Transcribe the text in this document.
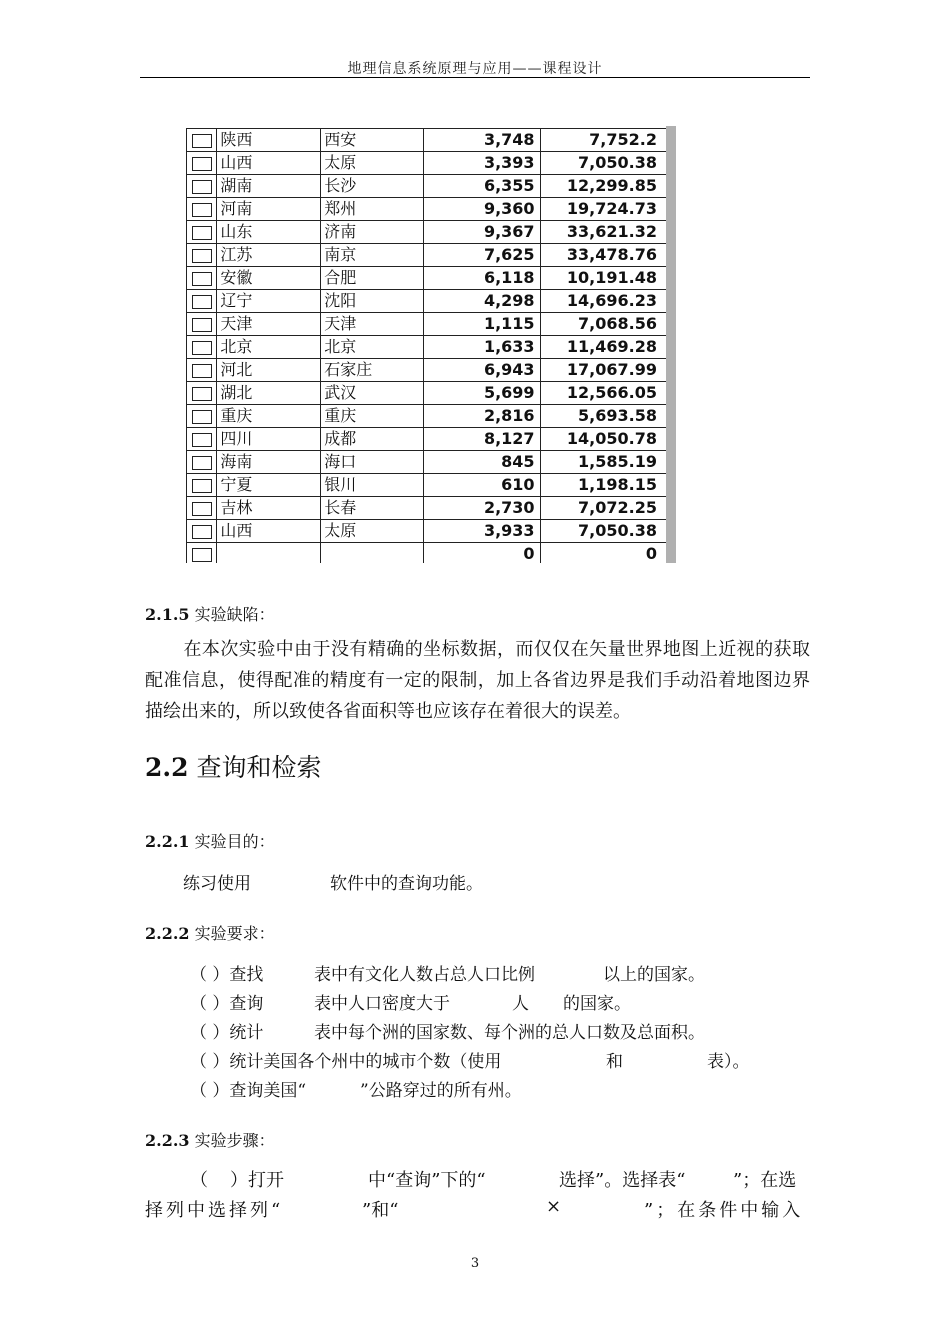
地理信息系统原理与应用——课程设计
	陕西	西安	3,748	7,752.2
	山西	太原	3,393	7,050.38
	湖南	长沙	6,355	12,299.85
	河南	郑州	9,360	19,724.73
	山东	济南	9,367	33,621.32
	江苏	南京	7,625	33,478.76
	安徽	合肥	6,118	10,191.48
	辽宁	沈阳	4,298	14,696.23
	天津	天津	1,115	7,068.56
	北京	北京	1,633	11,469.28
	河北	石家庄	6,943	17,067.99
	湖北	武汉	5,699	12,566.05
	重庆	重庆	2,816	5,693.58
	四川	成都	8,127	14,050.78
	海南	海口	845	1,585.19
	宁夏	银川	610	1,198.15
	吉林	长春	2,730	7,072.25
	山西	太原	3,933	7,050.38
			0	0
2.1.5 实验缺陷：
在本次实验中由于没有精确的坐标数据，而仅仅在矢量世界地图上近视的获取配准信息，使得配准的精度有一定的限制，加上各省边界是我们手动沿着地图边界描绘出来的，所以致使各省面积等也应该存在着很大的误差。
2.2 查询和检索
2.2.1 实验目的：
练习使用	软件中的查询功能。
2.2.2 实验要求：
（ ）查找	表中有文化人数占总人口比例	以上的国家。
（ ）查询	表中人口密度大于	人 的国家。
（ ）统计	表中每个洲的国家数、每个洲的总人口数及总面积。
（ ）统计美国各个州中的城市个数（使用	和	表）。
（ ）查询美国“	”公路穿过的所有州。
2.2.3 实验步骤：
（ ）打开	中“查询”下的“	选择”。选择表“	”；在选
择列中选择列“	”和“	×	”；在条件中输入
3
